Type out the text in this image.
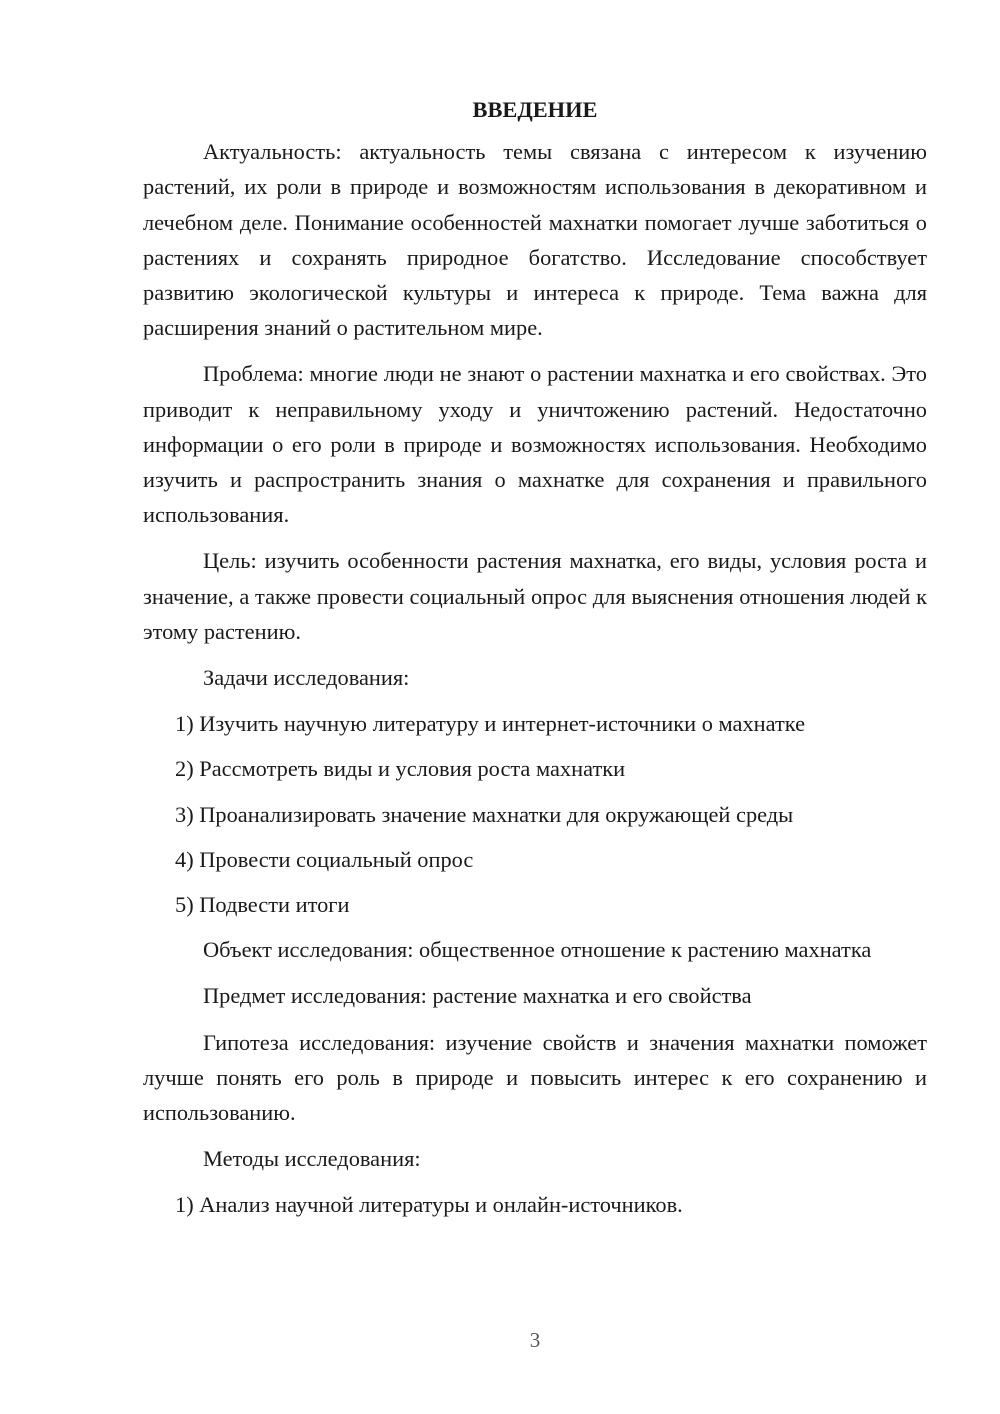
ВВЕДЕНИЕ

Актуальность: актуальность темы связана с интересом к изучению растений, их роли в природе и возможностям использования в декоративном и лечебном деле. Понимание особенностей махнатки помогает лучше заботиться о растениях и сохранять природное богатство. Исследование способствует развитию экологической культуры и интереса к природе. Тема важна для расширения знаний о растительном мире.

Проблема: многие люди не знают о растении махнатка и его свойствах. Это приводит к неправильному уходу и уничтожению растений. Недостаточно информации о его роли в природе и возможностях использования. Необходимо изучить и распространить знания о махнатке для сохранения и правильного использования.

Цель: изучить особенности растения махнатка, его виды, условия роста и значение, а также провести социальный опрос для выяснения отношения людей к этому растению.

Задачи исследования:

1) Изучить научную литературу и интернет-источники о махнатке
2) Рассмотреть виды и условия роста махнатки
3) Проанализировать значение махнатки для окружающей среды
4) Провести социальный опрос
5) Подвести итоги

Объект исследования: общественное отношение к растению махнатка

Предмет исследования: растение махнатка и его свойства

Гипотеза исследования: изучение свойств и значения махнатки поможет лучше понять его роль в природе и повысить интерес к его сохранению и использованию.

Методы исследования:

1) Анализ научной литературы и онлайн-источников.
3
